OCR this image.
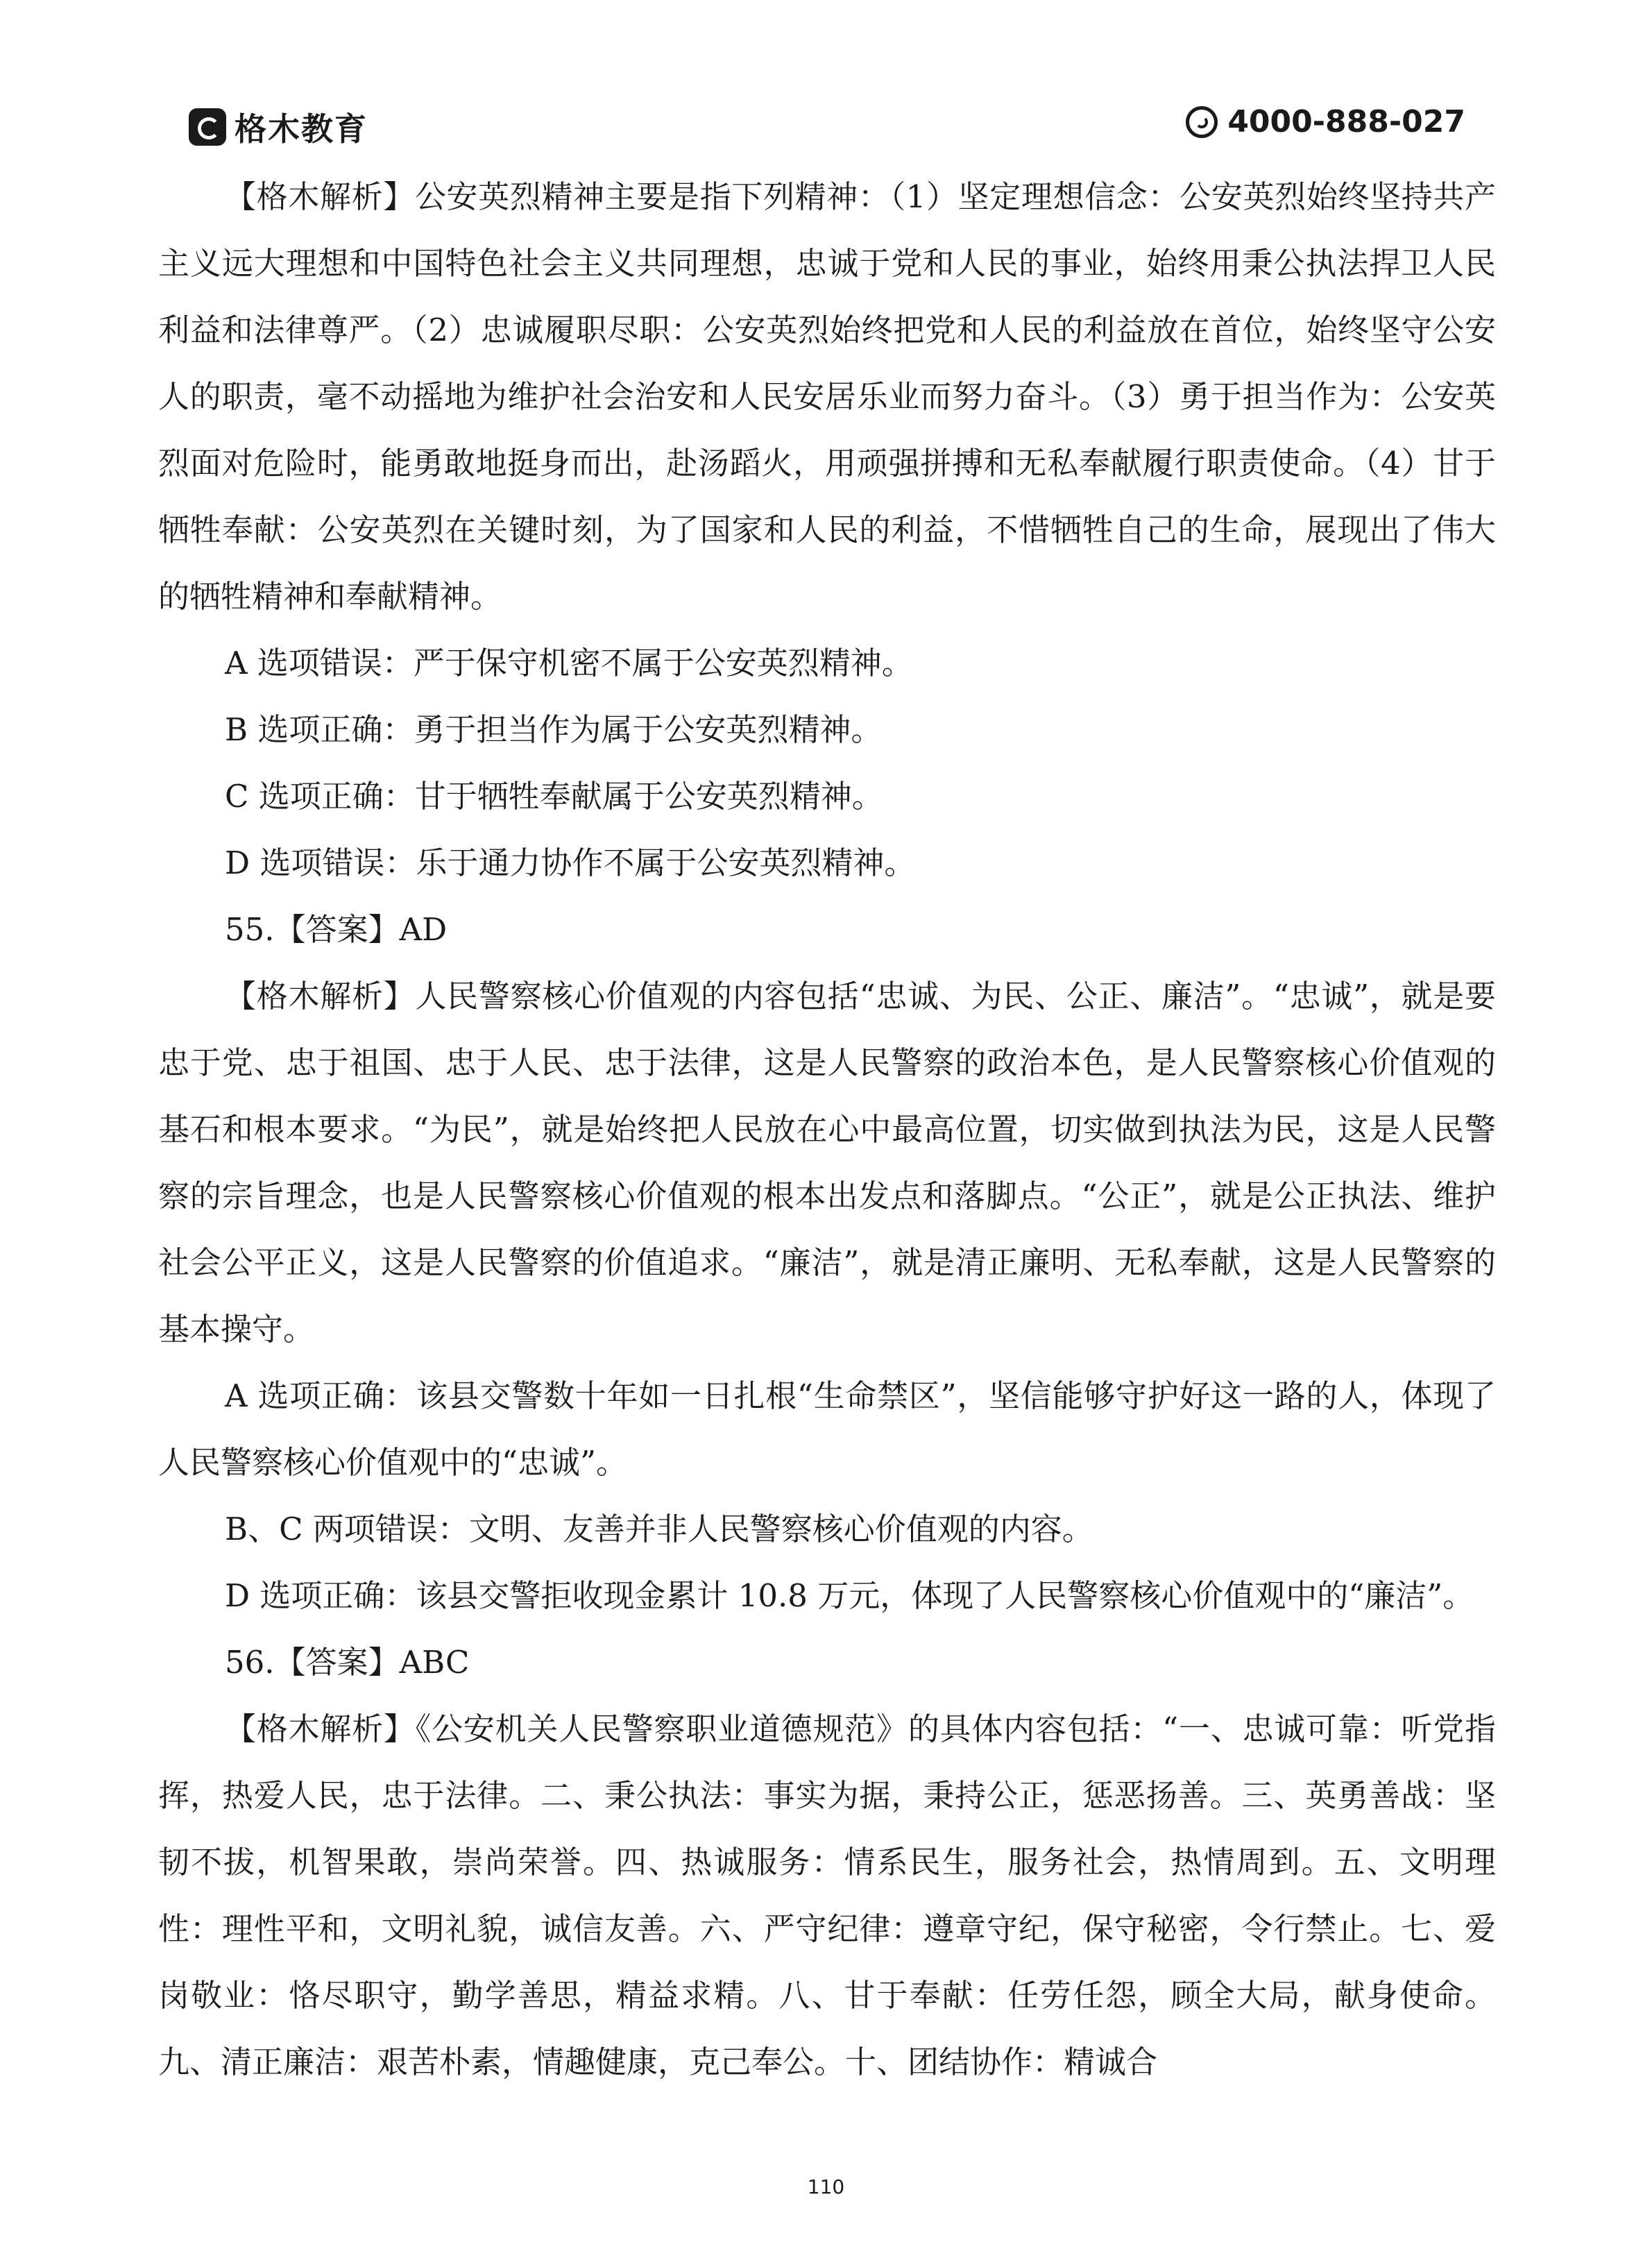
格木教育	4000-888-027

【格木解析】公安英烈精神主要是指下列精神：（1）坚定理想信念：公安英烈始终坚持共产主义远大理想和中国特色社会主义共同理想，忠诚于党和人民的事业，始终用秉公执法捍卫人民利益和法律尊严。（2）忠诚履职尽职：公安英烈始终把党和人民的利益放在首位，始终坚守公安人的职责，毫不动摇地为维护社会治安和人民安居乐业而努力奋斗。（3）勇于担当作为：公安英烈面对危险时，能勇敢地挺身而出，赴汤蹈火，用顽强拼搏和无私奉献履行职责使命。（4）甘于牺牲奉献：公安英烈在关键时刻，为了国家和人民的利益，不惜牺牲自己的生命，展现出了伟大的牺牲精神和奉献精神。

A 选项错误：严于保守机密不属于公安英烈精神。

B 选项正确：勇于担当作为属于公安英烈精神。

C 选项正确：甘于牺牲奉献属于公安英烈精神。

D 选项错误：乐于通力协作不属于公安英烈精神。

55.【答案】AD

【格木解析】人民警察核心价值观的内容包括“忠诚、为民、公正、廉洁”。“忠诚”，就是要忠于党、忠于祖国、忠于人民、忠于法律，这是人民警察的政治本色，是人民警察核心价值观的基石和根本要求。“为民”，就是始终把人民放在心中最高位置，切实做到执法为民，这是人民警察的宗旨理念，也是人民警察核心价值观的根本出发点和落脚点。“公正”，就是公正执法、维护社会公平正义，这是人民警察的价值追求。“廉洁”，就是清正廉明、无私奉献，这是人民警察的基本操守。

A 选项正确：该县交警数十年如一日扎根“生命禁区”，坚信能够守护好这一路的人，体现了人民警察核心价值观中的“忠诚”。

B、C 两项错误：文明、友善并非人民警察核心价值观的内容。

D 选项正确：该县交警拒收现金累计 10.8 万元，体现了人民警察核心价值观中的“廉洁”。

56.【答案】ABC

【格木解析】《公安机关人民警察职业道德规范》的具体内容包括：“一、忠诚可靠：听党指挥，热爱人民，忠于法律。二、秉公执法：事实为据，秉持公正，惩恶扬善。三、英勇善战：坚韧不拔，机智果敢，崇尚荣誉。四、热诚服务：情系民生，服务社会，热情周到。五、文明理性：理性平和，文明礼貌，诚信友善。六、严守纪律：遵章守纪，保守秘密，令行禁止。七、爱岗敬业：恪尽职守，勤学善思，精益求精。八、甘于奉献：任劳任怨，顾全大局，献身使命。九、清正廉洁：艰苦朴素，情趣健康，克己奉公。十、团结协作：精诚合

110
